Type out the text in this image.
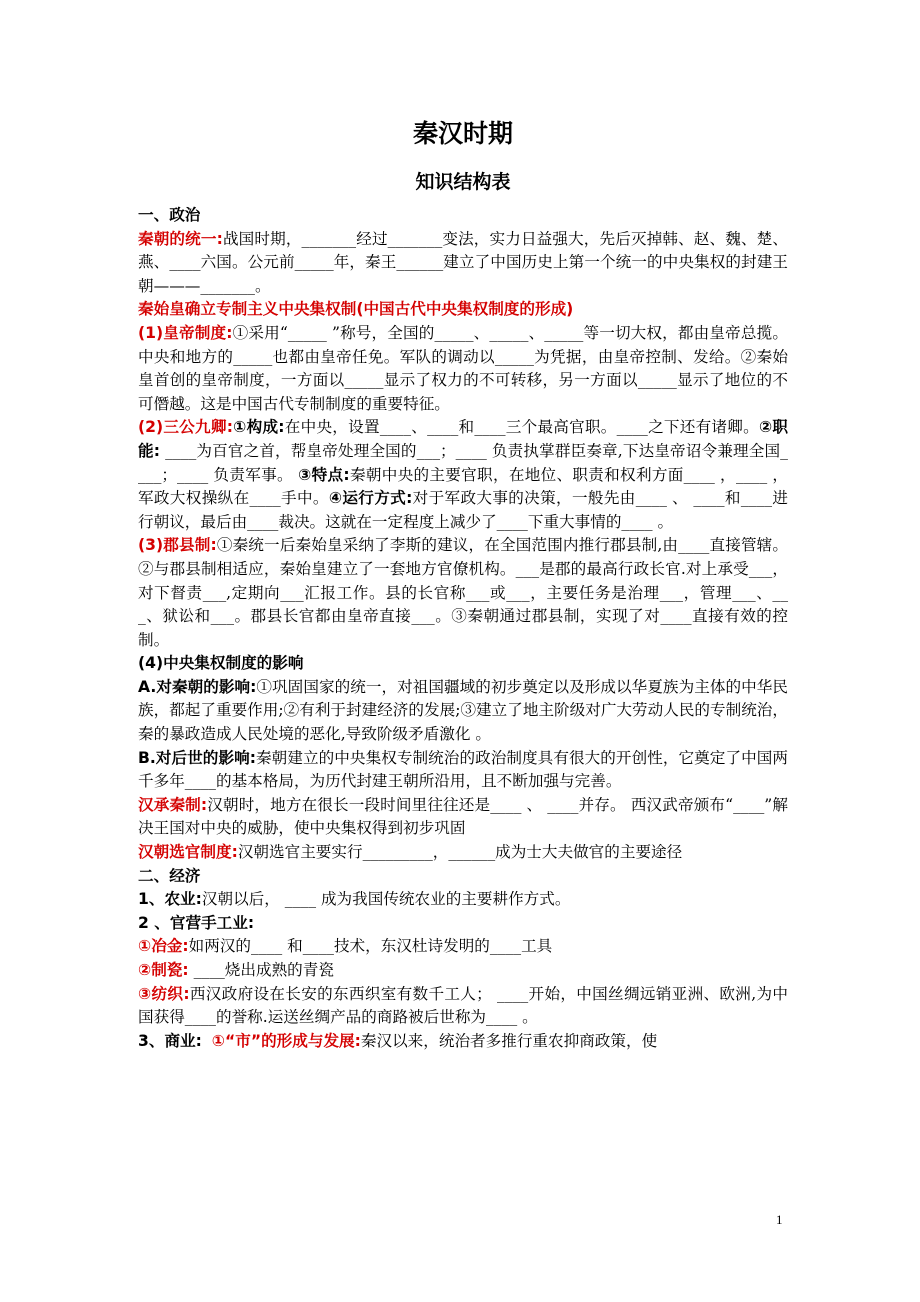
秦汉时期
知识结构表

一、政治

秦朝的统一:战国时期，_______经过_______变法，实力日益强大，先后灭掉韩、赵、魏、楚、燕、____六国。公元前_____年，秦王______建立了中国历史上第一个统一的中央集权的封建王朝———_______。

秦始皇确立专制主义中央集权制(中国古代中央集权制度的形成)

(1)皇帝制度:①采用“_____ ”称号，全国的_____、_____、_____等一切大权，都由皇帝总揽。中央和地方的_____也都由皇帝任免。军队的调动以_____为凭据，由皇帝控制、发给。②秦始皇首创的皇帝制度，一方面以_____显示了权力的不可转移，另一方面以_____显示了地位的不可僭越。这是中国古代专制制度的重要特征。

(2)三公九卿:①构成:在中央，设置____、____和____三个最高官职。____之下还有诸卿。②职能: ____为百官之首，帮皇帝处理全国的___；____ 负责执掌群臣奏章,下达皇帝诏令兼理全国____；____ 负责军事。 ③特点:秦朝中央的主要官职，在地位、职责和权利方面____ ，____ ，军政大权操纵在____手中。④运行方式:对于军政大事的决策，一般先由____ 、 ____和____进行朝议，最后由____裁决。这就在一定程度上减少了____下重大事情的____ 。

(3)郡县制:①秦统一后秦始皇采纳了李斯的建议，在全国范围内推行郡县制,由____直接管辖。②与郡县制相适应，秦始皇建立了一套地方官僚机构。___是郡的最高行政长官.对上承受___，对下督责___,定期向___汇报工作。县的长官称___或___，主要任务是治理___，管理___、___、狱讼和___。郡县长官都由皇帝直接___。③秦朝通过郡县制，实现了对____直接有效的控制。

(4)中央集权制度的影响

A.对秦朝的影响:①巩固国家的统一，对祖国疆域的初步奠定以及形成以华夏族为主体的中华民族，都起了重要作用;②有利于封建经济的发展;③建立了地主阶级对广大劳动人民的专制统治，秦的暴政造成人民处境的恶化,导致阶级矛盾激化 。

B.对后世的影响:秦朝建立的中央集权专制统治的政治制度具有很大的开创性，它奠定了中国两千多年____的基本格局，为历代封建王朝所沿用，且不断加强与完善。

汉承秦制:汉朝时，地方在很长一段时间里往往还是____ 、 ____并存。 西汉武帝颁布“____”解决王国对中央的威胁，使中央集权得到初步巩固

汉朝选官制度:汉朝选官主要实行_________，______成为士大夫做官的主要途径

二、经济

1、农业:汉朝以后， ____ 成为我国传统农业的主要耕作方式。

2 、官营手工业:

①冶金:如两汉的____ 和____技术，东汉杜诗发明的____工具

②制瓷: ____烧出成熟的青瓷

③纺织:西汉政府设在长安的东西织室有数千工人； ____开始，中国丝绸远销亚洲、欧洲,为中国获得____的誉称.运送丝绸产品的商路被后世称为____ 。

3、商业: ①“市”的形成与发展:秦汉以来，统治者多推行重农抑商政策，使

1
